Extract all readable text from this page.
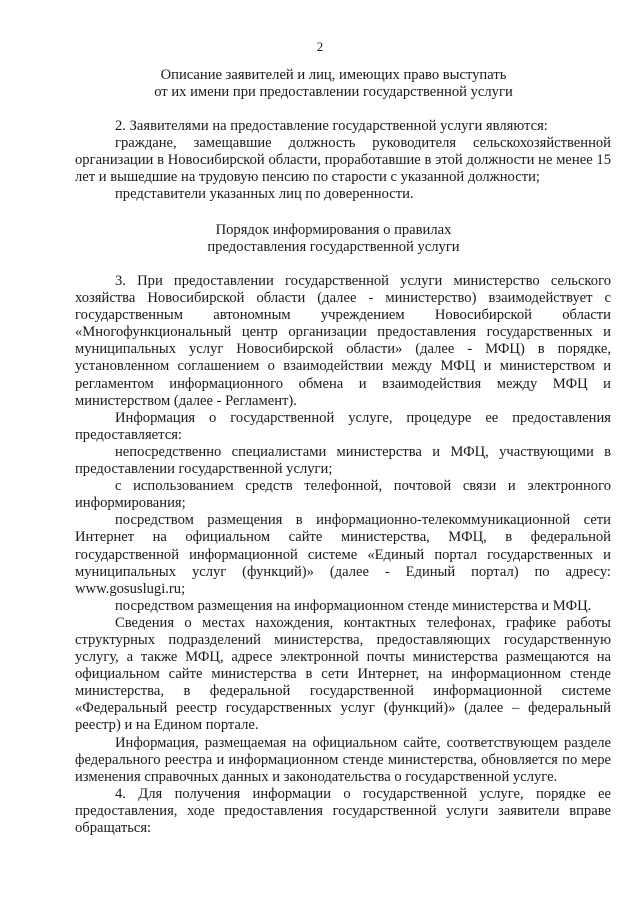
2
Описание заявителей и лиц, имеющих право выступать
от их имени при предоставлении государственной услуги

2. Заявителями на предоставление государственной услуги являются:

граждане, замещавшие должность руководителя сельскохозяйственной организации в Новосибирской области, проработавшие в этой должности не менее 15 лет и вышедшие на трудовую пенсию по старости с указанной должности;

представители указанных лиц по доверенности.

Порядок информирования о правилах
предоставления государственной услуги

3. При предоставлении государственной услуги министерство сельского хозяйства Новосибирской области (далее - министерство) взаимодействует с государственным автономным учреждением Новосибирской области «Многофункциональный центр организации предоставления государственных и муниципальных услуг Новосибирской области» (далее - МФЦ) в порядке, установленном соглашением о взаимодействии между МФЦ и министерством и регламентом информационного обмена и взаимодействия между МФЦ и министерством (далее - Регламент).

Информация о государственной услуге, процедуре ее предоставления предоставляется:

непосредственно специалистами министерства и МФЦ, участвующими в предоставлении государственной услуги;

с использованием средств телефонной, почтовой связи и электронного информирования;

посредством размещения в информационно-телекоммуникационной сети Интернет на официальном сайте министерства, МФЦ, в федеральной государственной информационной системе «Единый портал государственных и муниципальных услуг (функций)» (далее - Единый портал) по адресу: www.gosuslugi.ru;

посредством размещения на информационном стенде министерства и МФЦ.

Сведения о местах нахождения, контактных телефонах, графике работы структурных подразделений министерства, предоставляющих государственную услугу, а также МФЦ, адресе электронной почты министерства размещаются на официальном сайте министерства в сети Интернет, на информационном стенде министерства, в федеральной государственной информационной системе «Федеральный реестр государственных услуг (функций)» (далее – федеральный реестр) и на Едином портале.

Информация, размещаемая на официальном сайте, соответствующем разделе федерального реестра и информационном стенде министерства, обновляется по мере изменения справочных данных и законодательства о государственной услуге.

4. Для получения информации о государственной услуге, порядке ее предоставления, ходе предоставления государственной услуги заявители вправе обращаться:
